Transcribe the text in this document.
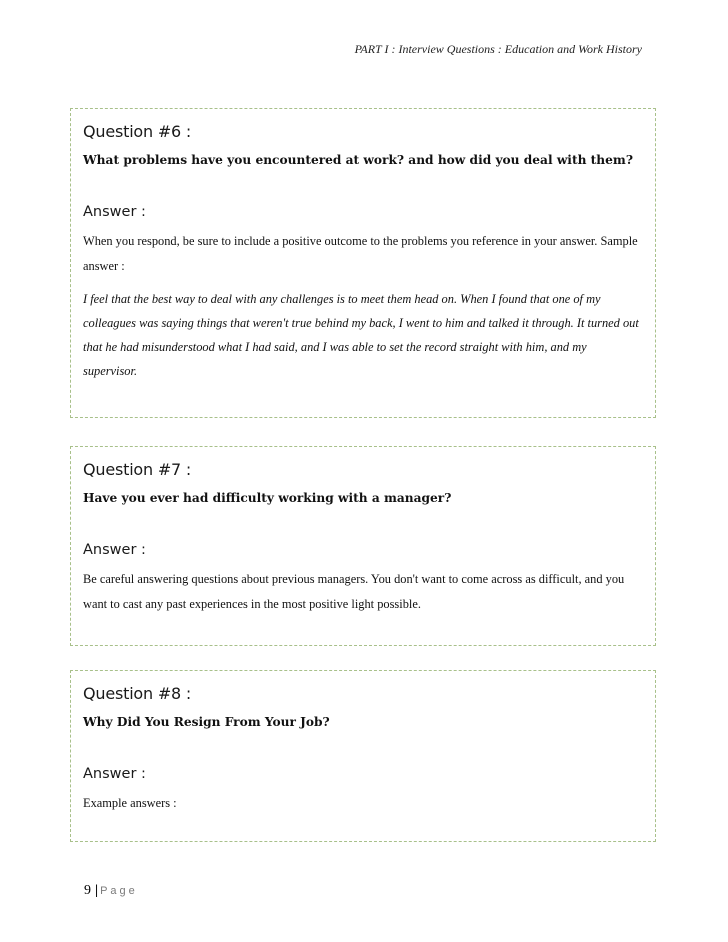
PART I : Interview Questions : Education and Work History
Question #6 :
What problems have you encountered at work? and how did you deal with them?
Answer :
When you respond, be sure to include a positive outcome to the problems you reference in your answer. Sample answer :
I feel that the best way to deal with any challenges is to meet them head on. When I found that one of my colleagues was saying things that weren't true behind my back, I went to him and talked it through. It turned out that he had misunderstood what I had said, and I was able to set the record straight with him, and my supervisor.
Question #7 :
Have you ever had difficulty working with a manager?
Answer :
Be careful answering questions about previous managers. You don't want to come across as difficult, and you want to cast any past experiences in the most positive light possible.
Question #8 :
Why Did You Resign From Your Job?
Answer :
Example answers :
9 | Page
